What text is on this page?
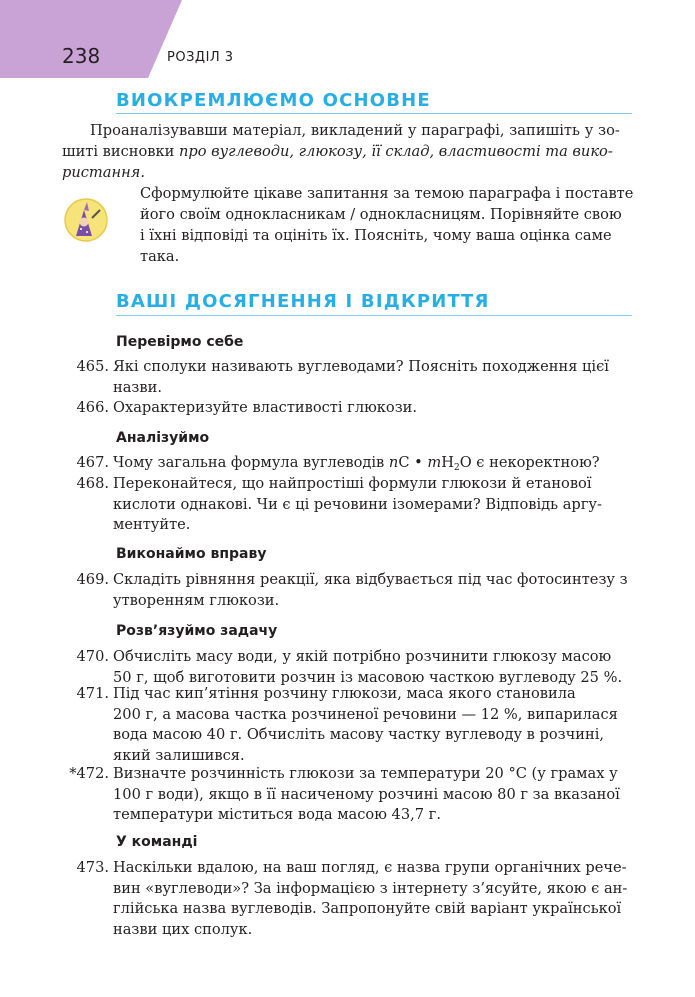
238	РОЗДІЛ 3
ВИОКРЕМЛЮЄМО ОСНОВНЕ
Проаналізувавши матеріал, викладений у параграфі, запишіть у зо-
шиті висновки про вуглеводи, глюкозу, її склад, властивості та вико-
ристання.
Сформулюйте цікаве запитання за темою параграфа і поставте
його своїм однокласникам / однокласницям. Порівняйте свою
і їхні відповіді та оцініть їх. Поясніть, чому ваша оцінка саме
така.
ВАШІ ДОСЯГНЕННЯ І ВІДКРИТТЯ
Перевірмо себе
465. Які сполуки називають вуглеводами? Поясніть походження цієї
назви.
466. Охарактеризуйте властивості глюкози.
Аналізуймо
467. Чому загальна формула вуглеводів nC • $mH_2O$ є некоректною?
468. Переконайтеся, що найпростіші формули глюкози й етанової
кислоти однакові. Чи є ці речовини ізомерами? Відповідь аргу-
ментуйте.
Виконаймо вправу
469. Складіть рівняння реакції, яка відбувається під час фотосинтезу з
утворенням глюкози.
Розв’язуймо задачу
470. Обчисліть масу води, у якій потрібно розчинити глюкозу масою
50 г, щоб виготовити розчин із масовою часткою вуглеводу 25 %.
471. Під час кип’ятіння розчину глюкози, маса якого становила
200 г, а масова частка розчиненої речовини — 12 %, випарилася
вода масою 40 г. Обчисліть масову частку вуглеводу в розчині,
який залишився.
*472. Визначте розчинність глюкози за температури 20 °С (у грамах у
100 г води), якщо в її насиченому розчині масою 80 г за вказаної
температури міститься вода масою 43,7 г.
У команді
473. Наскільки вдалою, на ваш погляд, є назва групи органічних рече-
вин «вуглеводи»? За інформацією з інтернету з’ясуйте, якою є ан-
глійська назва вуглеводів. Запропонуйте свій варіант української
назви цих сполук.
